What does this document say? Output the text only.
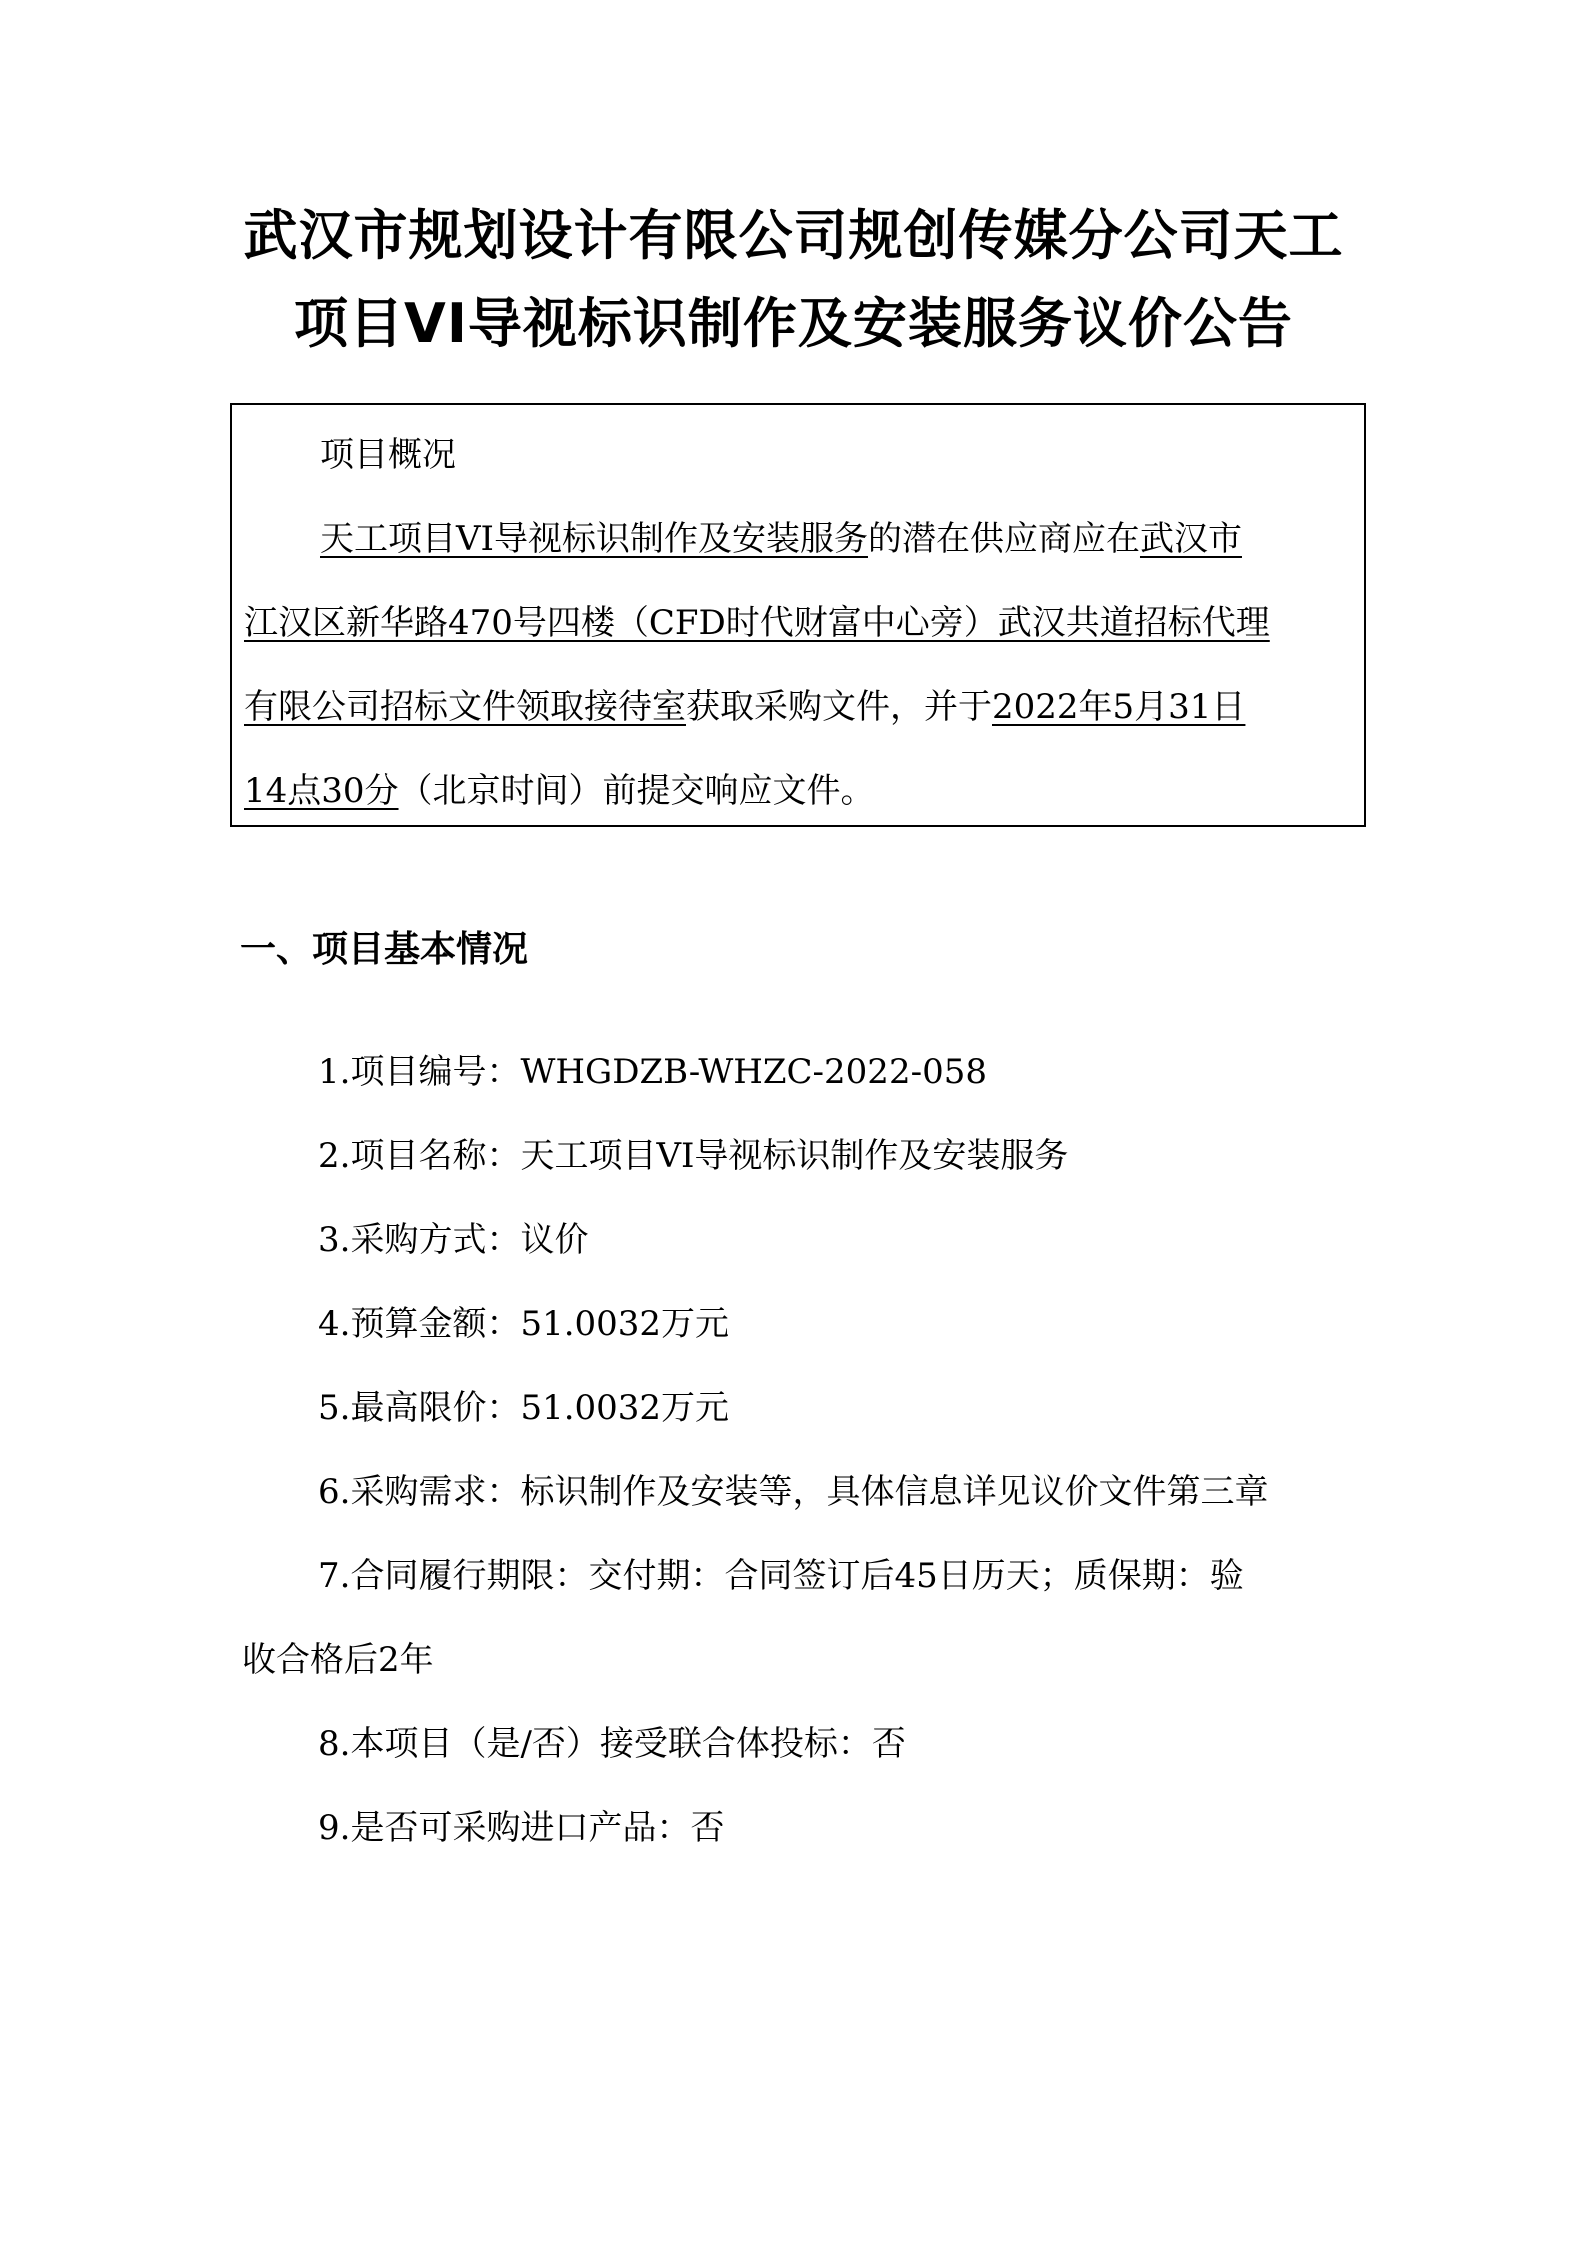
武汉市规划设计有限公司规创传媒分公司天工
项目VI导视标识制作及安装服务议价公告
项目概况
天工项目VI导视标识制作及安装服务的潜在供应商应在武汉市
江汉区新华路470号四楼（CFD时代财富中心旁）武汉共道招标代理
有限公司招标文件领取接待室获取采购文件，并于2022年5月31日
14点30分（北京时间）前提交响应文件。
一、项目基本情况
1.项目编号：WHGDZB-WHZC-2022-058
2.项目名称：天工项目VI导视标识制作及安装服务
3.采购方式：议价
4.预算金额：51.0032万元
5.最高限价：51.0032万元
6.采购需求：标识制作及安装等，具体信息详见议价文件第三章
7.合同履行期限：交付期：合同签订后45日历天；质保期：验
收合格后2年
8.本项目（是/否）接受联合体投标：否
9.是否可采购进口产品：否
